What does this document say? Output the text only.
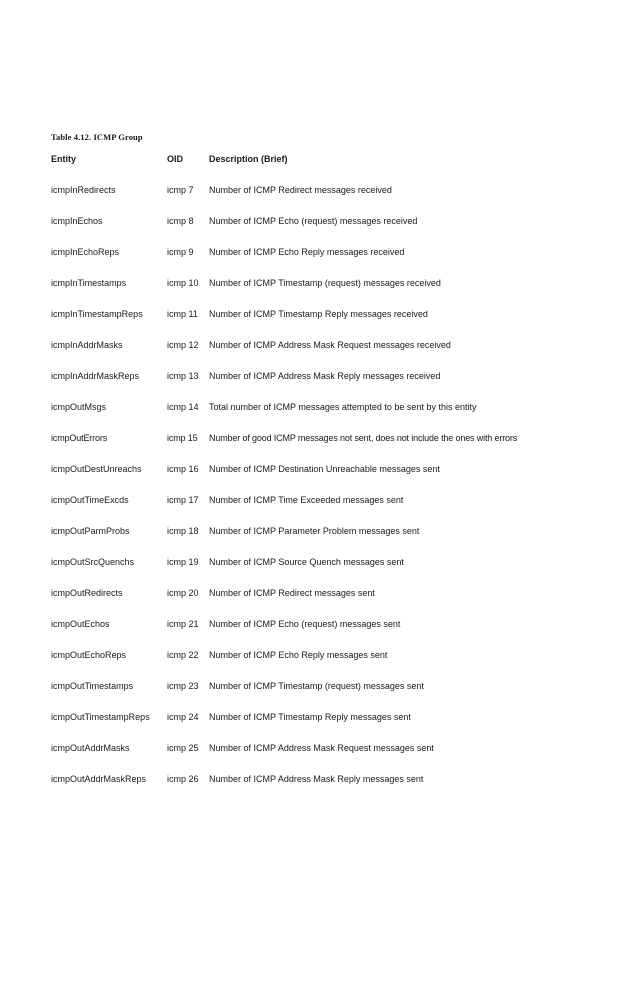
Table 4.12. ICMP Group
Entity	OID	Description (Brief)
icmpInRedirects	icmp 7 Number of ICMP Redirect messages received
icmpInEchos	icmp 8 Number of ICMP Echo (request) messages received
icmpInEchoReps	icmp 9 Number of ICMP Echo Reply messages received
icmpInTimestamps	icmp 10 Number of ICMP Timestamp (request) messages received
icmpInTimestampReps	icmp 11 Number of ICMP Timestamp Reply messages received
icmpInAddrMasks	icmp 12 Number of ICMP Address Mask Request messages received
icmpInAddrMaskReps	icmp 13 Number of ICMP Address Mask Reply messages received
icmpOutMsgs	icmp 14 Total number of ICMP messages attempted to be sent by this entity
icmpOutErrors	icmp 15 Number of good ICMP messages not sent, does not include the ones with errors
icmpOutDestUnreachs	icmp 16 Number of ICMP Destination Unreachable messages sent
icmpOutTimeExcds	icmp 17 Number of ICMP Time Exceeded messages sent
icmpOutParmProbs	icmp 18 Number of ICMP Parameter Problem messages sent
icmpOutSrcQuenchs	icmp 19 Number of ICMP Source Quench messages sent
icmpOutRedirects	icmp 20 Number of ICMP Redirect messages sent
icmpOutEchos	icmp 21 Number of ICMP Echo (request) messages sent
icmpOutEchoReps	icmp 22 Number of ICMP Echo Reply messages sent
icmpOutTimestamps	icmp 23 Number of ICMP Timestamp (request) messages sent
icmpOutTimestampReps icmp 24 Number of ICMP Timestamp Reply messages sent
icmpOutAddrMasks	icmp 25 Number of ICMP Address Mask Request messages sent
icmpOutAddrMaskReps icmp 26 Number of ICMP Address Mask Reply messages sent
